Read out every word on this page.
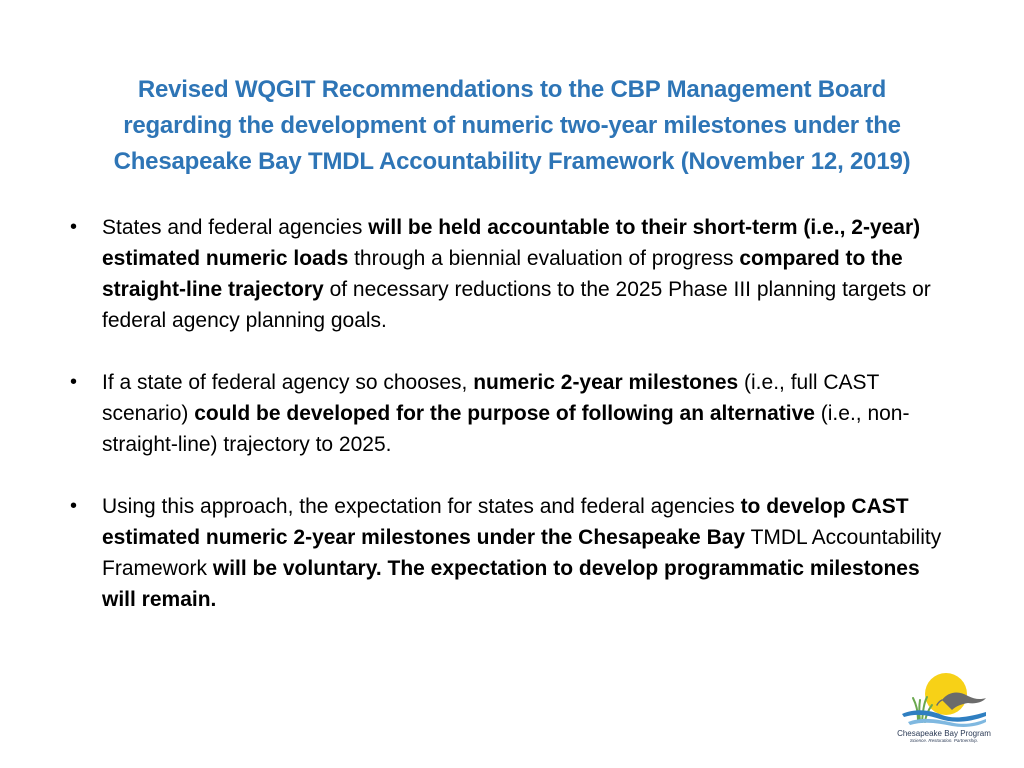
Revised WQGIT Recommendations to the CBP Management Board
regarding the development of numeric two-year milestones under the
Chesapeake Bay TMDL Accountability Framework (November 12, 2019)
• States and federal agencies will be held accountable to their short-term (i.e., 2-year) estimated numeric loads through a biennial evaluation of progress compared to the straight-line trajectory of necessary reductions to the 2025 Phase III planning targets or federal agency planning goals.
• If a state of federal agency so chooses, numeric 2-year milestones (i.e., full CAST scenario) could be developed for the purpose of following an alternative (i.e., non-straight-line) trajectory to 2025.
• Using this approach, the expectation for states and federal agencies to develop CAST estimated numeric 2-year milestones under the Chesapeake Bay TMDL Accountability Framework will be voluntary. The expectation to develop programmatic milestones will remain.
Chesapeake Bay Program
Science. Restoration. Partnership.
